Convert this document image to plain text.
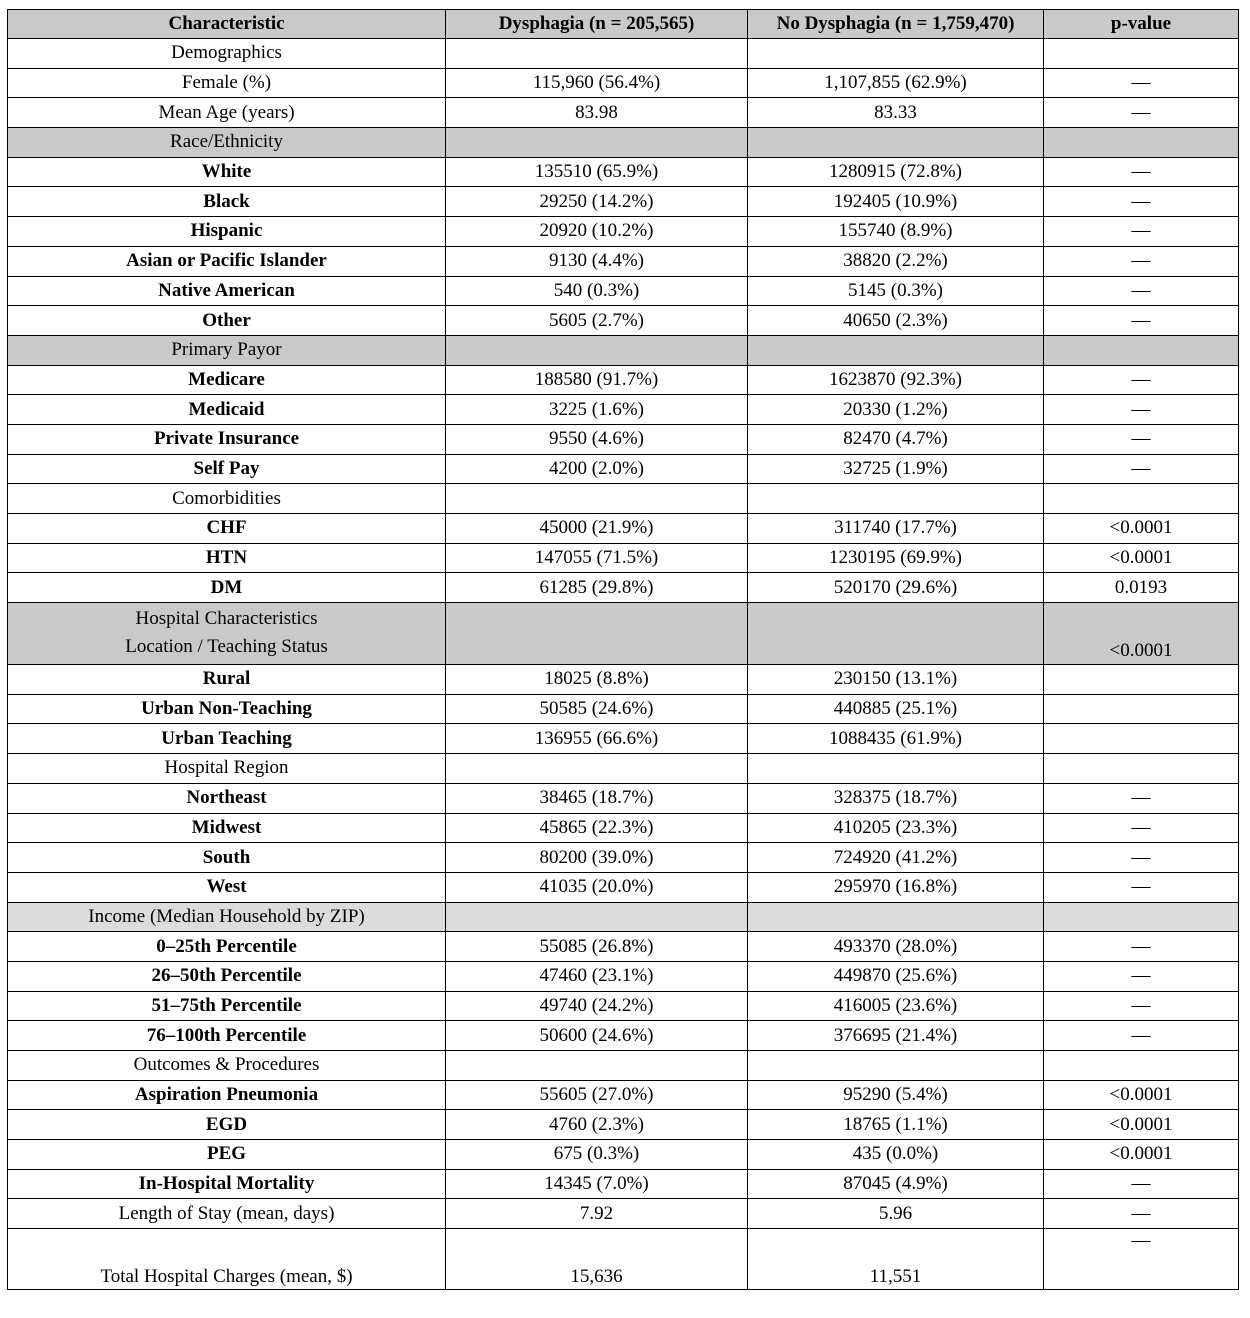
Characteristic	Dysphagia (n = 205,565)	No Dysphagia (n = 1,759,470)	p-value
Demographics			
Female (%)	115,960 (56.4%)	1,107,855 (62.9%)	—
Mean Age (years)	83.98	83.33	—
Race/Ethnicity			
White	135510 (65.9%)	1280915 (72.8%)	—
Black	29250 (14.2%)	192405 (10.9%)	—
Hispanic	20920 (10.2%)	155740 (8.9%)	—
Asian or Pacific Islander	9130 (4.4%)	38820 (2.2%)	—
Native American	540 (0.3%)	5145 (0.3%)	—
Other	5605 (2.7%)	40650 (2.3%)	—
Primary Payor			
Medicare	188580 (91.7%)	1623870 (92.3%)	—
Medicaid	3225 (1.6%)	20330 (1.2%)	—
Private Insurance	9550 (4.6%)	82470 (4.7%)	—
Self Pay	4200 (2.0%)	32725 (1.9%)	—
Comorbidities			
CHF	45000 (21.9%)	311740 (17.7%)	<0.0001
HTN	147055 (71.5%)	1230195 (69.9%)	<0.0001
DM	61285 (29.8%)	520170 (29.6%)	0.0193

Hospital Characteristics
Location / Teaching Status			<0.0001
Rural	18025 (8.8%)	230150 (13.1%)	
Urban Non-Teaching	50585 (24.6%)	440885 (25.1%)	
Urban Teaching	136955 (66.6%)	1088435 (61.9%)	
Hospital Region			
Northeast	38465 (18.7%)	328375 (18.7%)	—
Midwest	45865 (22.3%)	410205 (23.3%)	—
South	80200 (39.0%)	724920 (41.2%)	—
West	41035 (20.0%)	295970 (16.8%)	—
Income (Median Household by ZIP)			
0–25th Percentile	55085 (26.8%)	493370 (28.0%)	—
26–50th Percentile	47460 (23.1%)	449870 (25.6%)	—
51–75th Percentile	49740 (24.2%)	416005 (23.6%)	—
76–100th Percentile	50600 (24.6%)	376695 (21.4%)	—
Outcomes & Procedures			
Aspiration Pneumonia	55605 (27.0%)	95290 (5.4%)	<0.0001
EGD	4760 (2.3%)	18765 (1.1%)	<0.0001
PEG	675 (0.3%)	435 (0.0%)	<0.0001
In-Hospital Mortality	14345 (7.0%)	87045 (4.9%)	—
Length of Stay (mean, days)	7.92	5.96	—
Total Hospital Charges (mean, $)	15,636	11,551	—
